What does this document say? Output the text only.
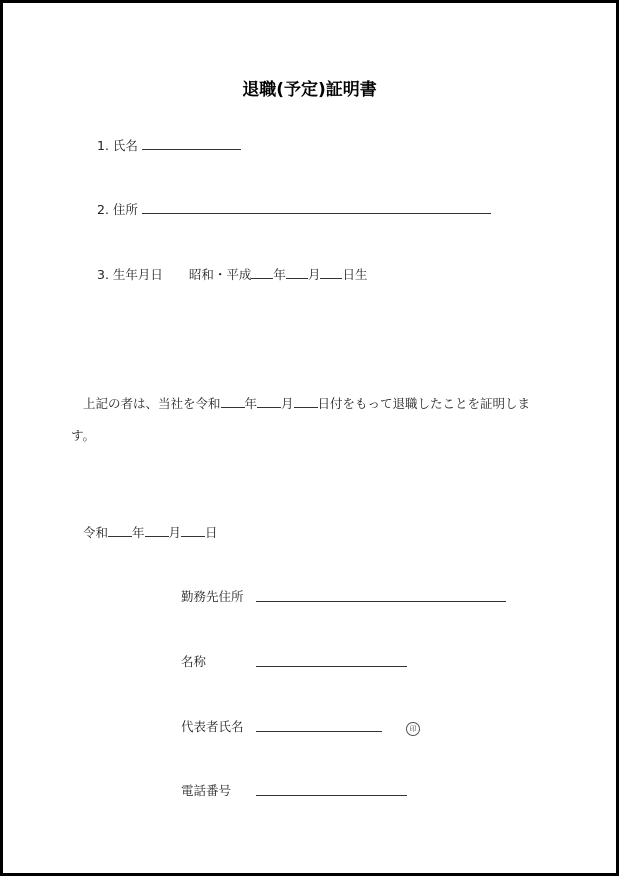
退職(予定)証明書
1. 氏名
2. 住所
3. 生年月日 昭和・平成 年 月 日生
上記の者は、当社を令和 年 月 日付をもって退職したことを証明しま
す。
令和 年 月 日
勤務先住所
名称
代表者氏名	印
電話番号
